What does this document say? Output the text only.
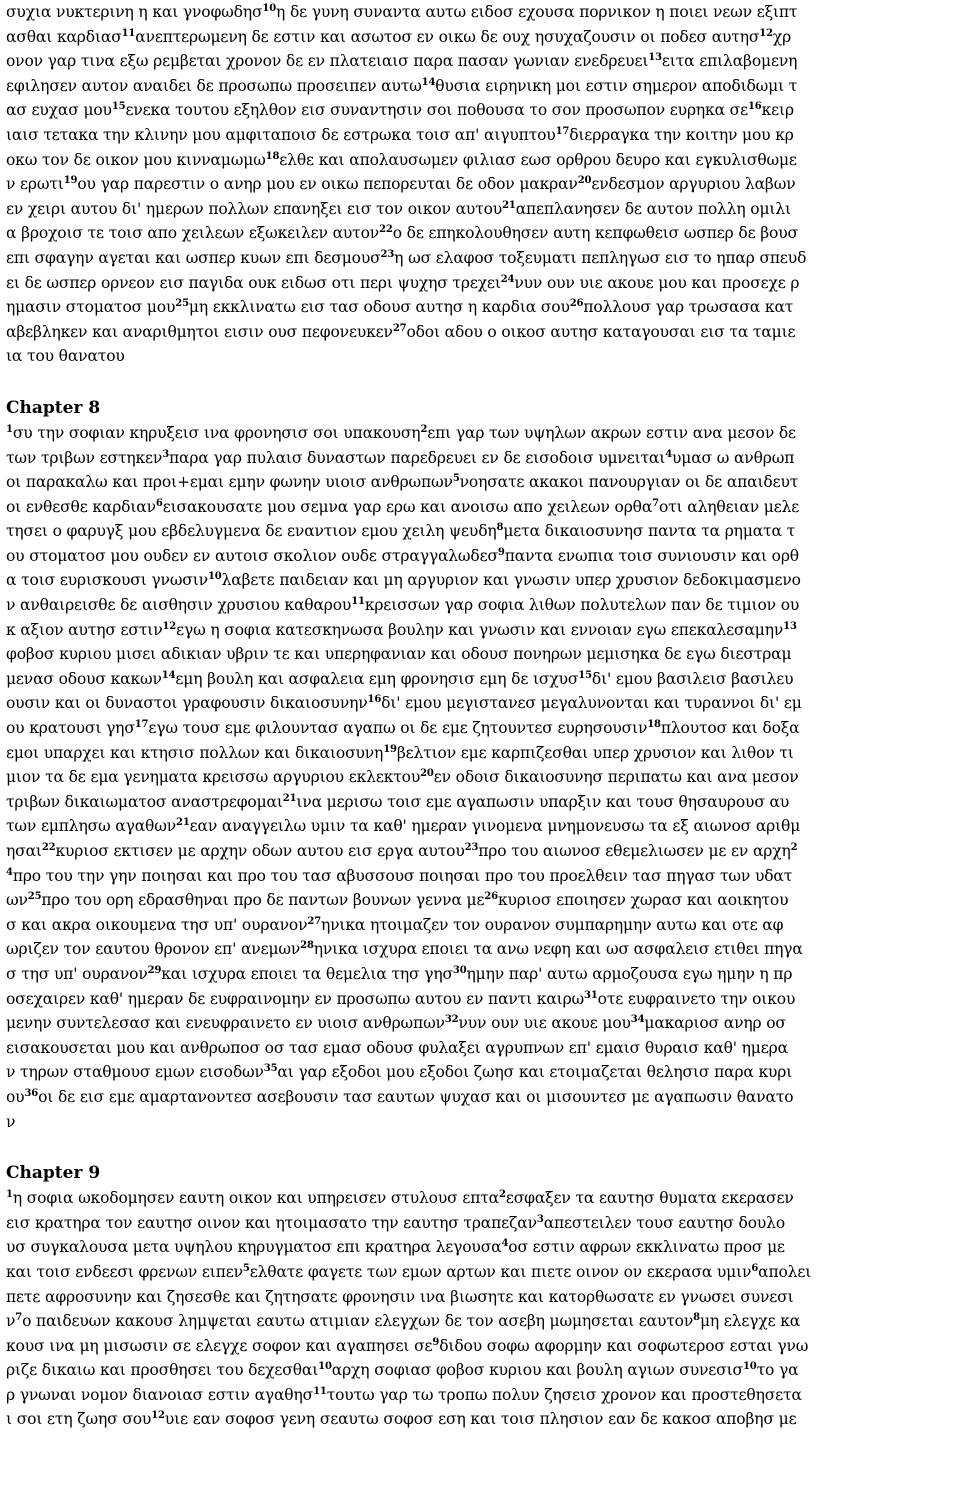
συχια νυκτερινη η και γνοφωδησ$^{10}$η δε γυνη συναντα αυτω ειδοσ εχουσα πορνικον η ποιει νεων εξιπτ
ασθαι καρδιασ$^{11}$ανεπτερωμενη δε εστιν και ασωτοσ εν οικω δε ουχ ησυχαζουσιν οι ποδεσ αυτησ$^{12}$χρ
ονον γαρ τινα εξω ρεμβεται χρονον δε εν πλατειαισ παρα πασαν γωνιαν ενεδρευει$^{13}$ειτα επιλαβομενη
εφιλησεν αυτον αναιδει δε προσωπω προσειπεν αυτω$^{14}$θυσια ειρηνικη μοι εστιν σημερον αποδιδωμι τ
ασ ευχασ μου$^{15}$ενεκα τουτου εξηλθον εισ συναντησιν σοι ποθουσα το σον προσωπον ευρηκα $\sigma\varepsilon^{16}\kappa\varepsilon\iota\rho$
ιαισ τετακα την κλινην μου αμφιταποισ δε εστρωκα τοισ απ' αιγυπτου$^{17}$διερραγκα την κοιτην μου κρ
οκω τον δε οικον μου κινναμωμω$^{18}$ελθε και απολαυσωμεν φιλιασ εωσ ορθρου δευρο και εγκυλισθωμε
ν ερωτι$^{19}$ου γαρ παρεστιν ο ανηρ μου εν οικω πεπορευται δε οδον μακραν$^{20}$ενδεσμον αργυριου λαβων
εν χειρι αυτου δι' ημερων πολλων επανηξει εισ τον οικον αυτου$^{21}$απεπλανησεν δε αυτον πολλη ομιλι
α βροχοισ τε τοισ απο χειλεων εξωκειλεν αυτον$^{22}$ο δε επηκολουθησεν αυτη κεπφωθεισ ωσπερ δε βουσ
επι σφαγην αγεται και ωσπερ κυων επι δεσμουσ$^{23}$η ωσ ελαφοσ τοξευματι πεπληγωσ εισ το ηπαρ σπευδ
ει δε ωσπερ ορνεον εισ παγιδα ουκ ειδωσ οτι περι ψυχησ τρεχει$^{24}$νυν ουν υιε ακουε μου και προσεχε ρ
ημασιν στοματοσ μου$^{25}$μη εκκλινατω εισ τασ οδουσ αυτησ η καρδια σου$^{26}$πολλουσ γαρ τρωσασα κατ
αβεβληκεν και αναριθμητοι εισιν ουσ πεφονευκεν$^{27}$οδοι αδου ο οικοσ αυτησ καταγουσαι εισ τα ταμιε
ια του θανατου
Chapter 8
$^1$συ την σοφιαν κηρυξεισ ινα φρονησισ σοι υπακουση$^2$επι γαρ των υψηλων ακρων εστιν ανα μεσον δε
των τριβων εστηκεν$^3$παρα γαρ πυλαισ δυναστων παρεδρευει εν δε εισοδοισ υμνειται$^4$υμασ ω ανθρωπ
οι παρακαλω και προι+εμαι εμην φωνην υιοισ ανθρωπων$^5$νοησατε ακακοι πανουργιαν οι δε απαιδευτ
οι ενθεσθε καρδιαν$^6$εισακουσατε μου σεμνα γαρ ερω και ανοισω απο χειλεων ορθα$^7$οτι αληθειαν μελε
τησει ο φαρυγξ μου εβδελυγμενα δε εναντιον εμου χειλη ψευδη$^8$μετα δικαιοσυνησ παντα τα ρηματα τ
ου στοματοσ μου ουδεν εν αυτοισ σκολιον ουδε στραγγαλωδεσ$^9$παντα ενωπια τοισ συνιουσιν και ορθ
α τοισ ευρισκουσι γνωσιν$^{10}$λαβετε παιδειαν και μη αργυριον και γνωσιν υπερ χρυσιον δεδοκιμασμενο
ν ανθαιρεισθε δε αισθησιν χρυσιου καθαρου$^{11}$κρεισσων γαρ σοφια λιθων πολυτελων παν δε τιμιον ου
κ αξιον αυτησ εστιν$^{12}$εγω η σοφια κατεσκηνωσα βουλην και γνωσιν και εννοιαν εγω επεκαλεσαμην$^{13}$
φοβοσ κυριου μισει αδικιαν υβριν τε και υπερηφανιαν και οδουσ πονηρων μεμισηκα δε εγω διεστραμ
μενασ οδουσ κακων$^{14}$εμη βουλη και ασφαλεια εμη φρονησισ εμη δε ισχυσ$^{15}$δι' εμου βασιλεισ βασιλευ
ουσιν και οι δυναστοι γραφουσιν δικαιοσυνην$^{16}$δι' εμου μεγιστανεσ μεγαλυνονται και τυραννοι δι' εμ
ου κρατουσι γησ$^{17}$εγω τουσ εμε φιλουντασ αγαπω οι δε εμε ζητουντεσ ευρησουσιν$^{18}$πλουτοσ και δοξα
εμοι υπαρχει και κτησισ πολλων και δικαιοσυνη$^{19}$βελτιον εμε καρπιζεσθαι υπερ χρυσιον και λιθον τι
μιον τα δε εμα γενηματα κρεισσω αργυριου εκλεκτου$^{20}$εν οδοισ δικαιοσυνησ περιπατω και ανα μεσον
τριβων δικαιωματοσ αναστρεφομαι$^{21}$ινα μερισω τοισ εμε αγαπωσιν υπαρξιν και τουσ θησαυρουσ αυ
των εμπλησω αγαθων$^{21}$εαν αναγγειλω υμιν τα καθ' ημεραν γινομενα μνημονευσω τα εξ αιωνοσ αριθμ
ησαι$^{22}$κυριοσ εκτισεν με αρχην οδων αυτου εισ εργα αυτου$^{23}$προ του αιωνοσ εθεμελιωσεν με εν αρχη$^2$
$^4$προ του την γην ποιησαι και προ του τασ αβυσσουσ ποιησαι προ του προελθειν τασ πηγασ των υδατ
$\omega\nu^{25}\pi\rho o$ του ορη εδρασθηναι προ δε παντων βουνων γεννα $\mu\varepsilon^{26}\kappa\upsilon\rho\iota o\sigma$ εποιησεν χωρασ και αοικητου
σ και ακρα οικουμενα τησ υπ' ουρανον$^{27}$ηνικα ητοιμαζεν τον ουρανον συμπαρημην αυτω και οτε αφ
ωριζεν τον εαυτου θρονον επ' ανεμων$^{28}$ηνικα ισχυρα εποιει τα ανω νεφη και ωσ ασφαλεισ ετιθει πηγα
σ τησ υπ' ουρανον$^{29}$και ισχυρα εποιει τα θεμελια τησ γησ$^{30}$ημην παρ' αυτω αρμοζουσα εγω ημην η πρ
οσεχαιρεν καθ' ημεραν δε ευφραινομην εν προσωπω αυτου εν παντι καιρω$^{31}$οτε ευφραινετο την οικου
μενην συντελεσασ και ενευφραινετο εν υιοισ ανθρωπων$^{32}$νυν ουν υιε ακουε μου$^{34}$μακαριοσ ανηρ οσ
εισακουσεται μου και ανθρωποσ οσ τασ εμασ οδουσ φυλαξει αγρυπνων επ' εμαισ θυραισ καθ' ημερα
ν τηρων σταθμουσ εμων εισοδων$^{35}$αι γαρ εξοδοι μου εξοδοι ζωησ και ετοιμαζεται θελησισ παρα κυρι
$o\upsilon^{36}o\iota$ δε εισ εμε αμαρτανοντεσ ασεβουσιν τασ εαυτων ψυχασ και οι μισουντεσ με αγαπωσιν θανατο
ν
Chapter 9
$^1$η σοφια ωκοδομησεν εαυτη οικον και υπηρεισεν στυλουσ επτα$^2$εσφαξεν τα εαυτησ θυματα εκερασεν
εισ κρατηρα τον εαυτησ οινον και ητοιμασατο την εαυτησ τραπεζαν$^3$απεστειλεν τουσ εαυτησ δουλο
υσ συγκαλουσα μετα υψηλου κηρυγματοσ επι κρατηρα λεγουσα$^4$οσ εστιν αφρων εκκλινατω προσ με
και τοισ ενδεεσι φρενων ειπεν$^5$ελθατε φαγετε των εμων αρτων και πιετε οινον ον εκερασα υμιν$^6$απολει
πετε αφροσυνην και ζησεσθε και ζητησατε φρονησιν ινα βιωσητε και κατορθωσατε εν γνωσει συνεσι
$\nu^7o$ παιδευων κακουσ λημψεται εαυτω ατιμιαν ελεγχων δε τον ασεβη μωμησεται εαυτον$^8$μη ελεγχε κα
κουσ ινα μη μισωσιν σε ελεγχε σοφον και αγαπησει $\sigma\varepsilon^9\delta\iota\delta o\upsilon$ σοφω αφορμην και σοφωτεροσ εσται γνω
ριζε δικαιω και προσθησει του δεχεσθαι$^{10}$αρχη σοφιασ φοβοσ κυριου και βουλη αγιων συνεσισ$^{10}$το γα
ρ γνωναι νομον διανοιασ εστιν αγαθησ$^{11}$τουτω γαρ τω τροπω πολυν ζησεισ χρονον και προστεθησετα
ι σοι ετη ζωησ σου$^{12}$υιε εαν σοφοσ γενη σεαυτω σοφοσ εση και τοισ πλησιον εαν δε κακοσ αποβησ με
